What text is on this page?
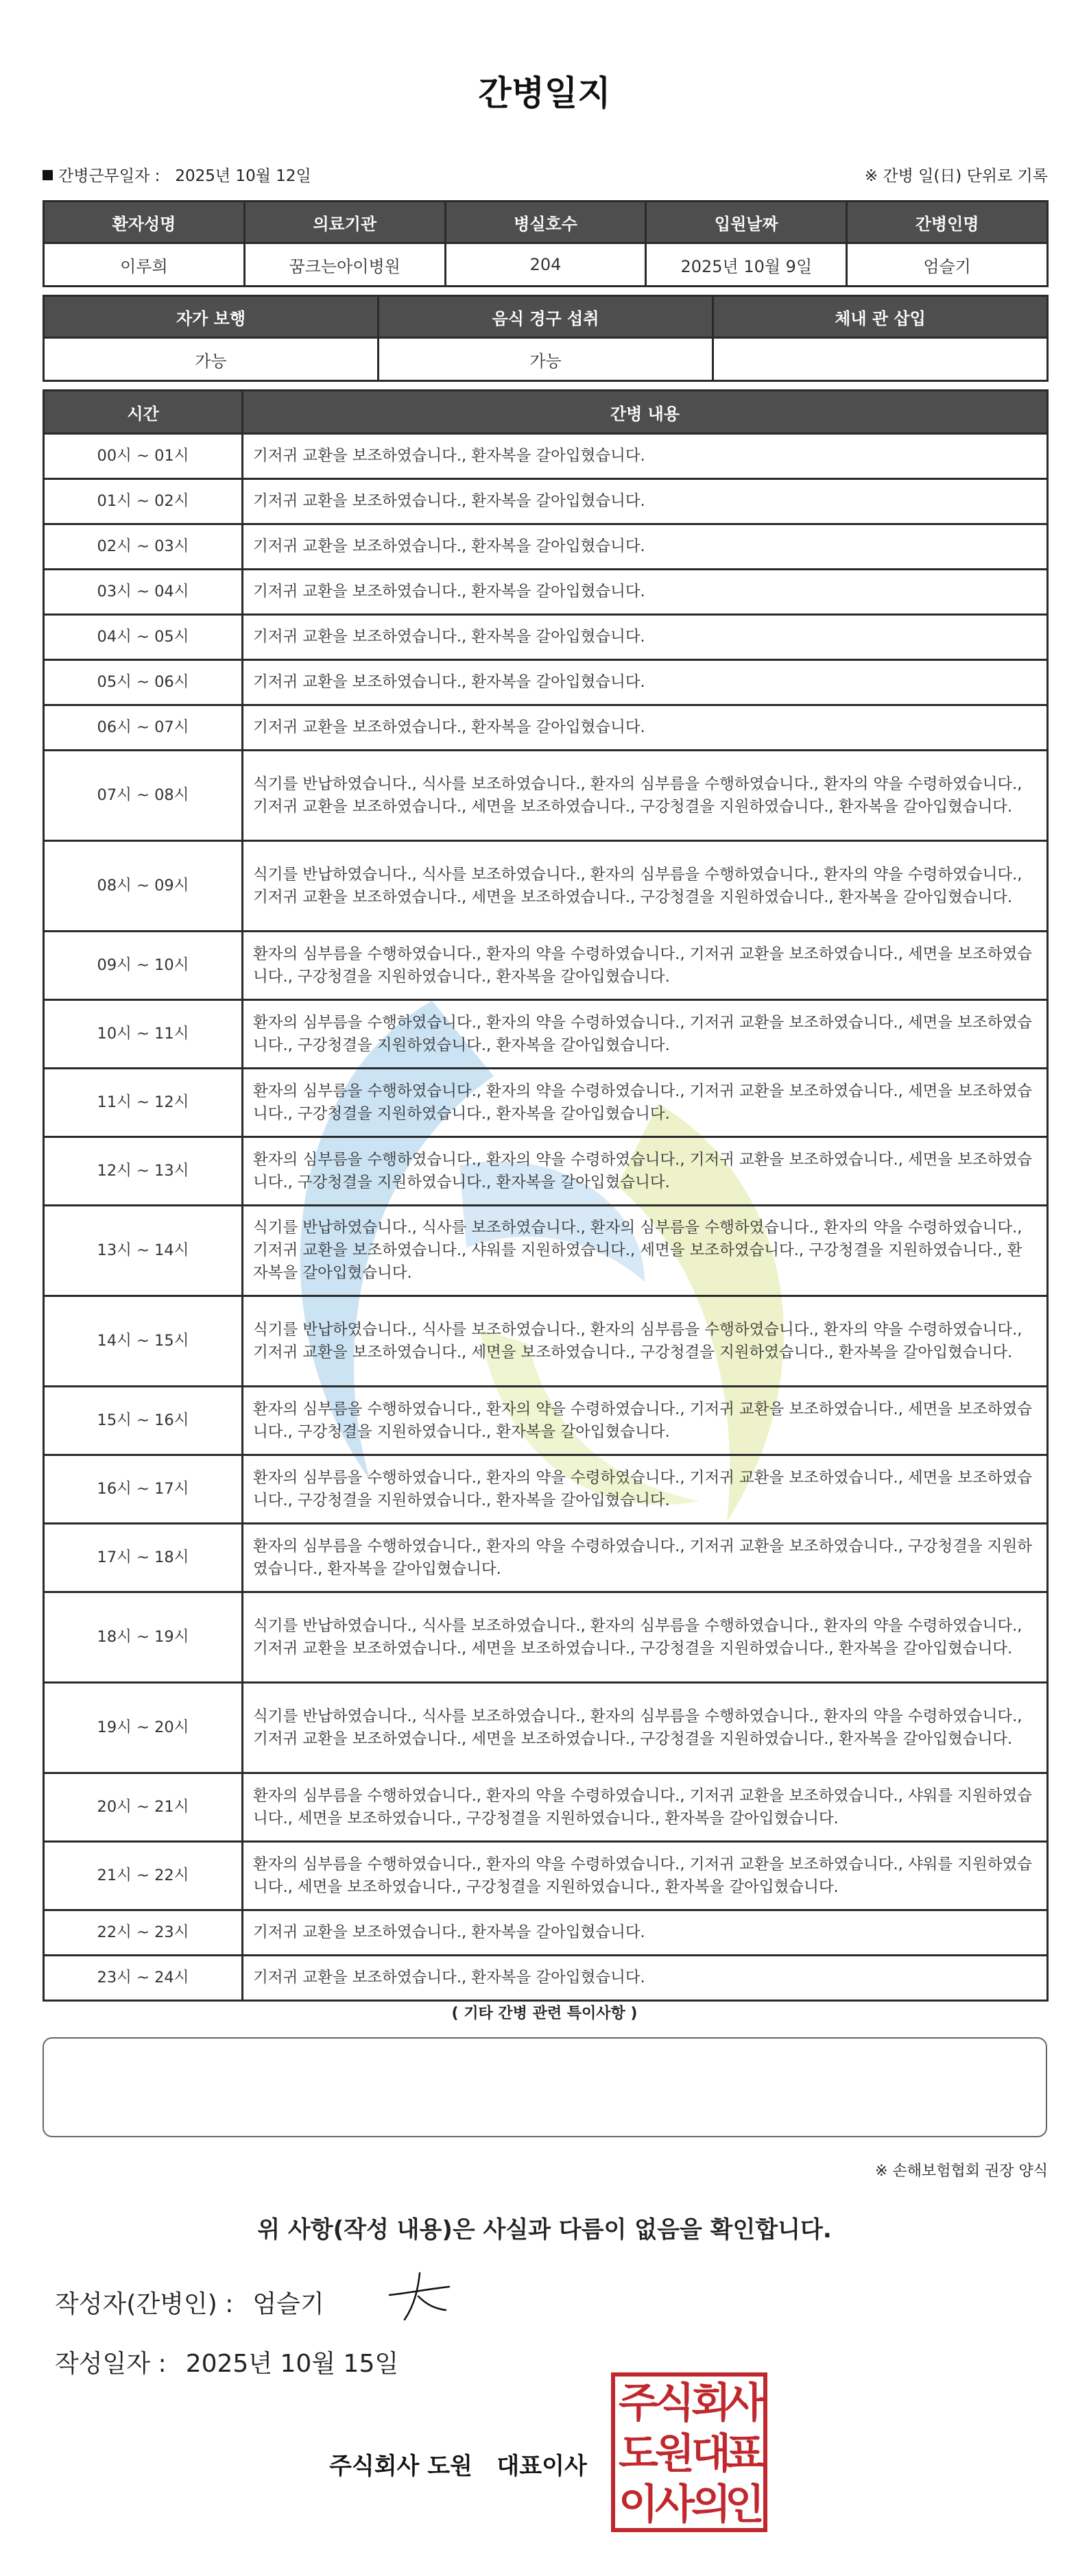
간병일지
간병근무일자 : 2025년 10월 12일	※ 간병 일(日) 단위로 기록
환자성명	의료기관	병실호수	입원날짜	간병인명
이루희	꿈크는아이병원	204	2025년 10월 9일	엄슬기
자가 보행	음식 경구 섭취	체내 관 삽입
가능	가능	
시간	간병 내용
00시 ~ 01시	기저귀 교환을 보조하였습니다., 환자복을 갈아입혔습니다.
01시 ~ 02시	기저귀 교환을 보조하였습니다., 환자복을 갈아입혔습니다.
02시 ~ 03시	기저귀 교환을 보조하였습니다., 환자복을 갈아입혔습니다.
03시 ~ 04시	기저귀 교환을 보조하였습니다., 환자복을 갈아입혔습니다.
04시 ~ 05시	기저귀 교환을 보조하였습니다., 환자복을 갈아입혔습니다.
05시 ~ 06시	기저귀 교환을 보조하였습니다., 환자복을 갈아입혔습니다.
06시 ~ 07시	기저귀 교환을 보조하였습니다., 환자복을 갈아입혔습니다.
07시 ~ 08시	식기를 반납하였습니다., 식사를 보조하였습니다., 환자의 심부름을 수행하였습니다., 환자의 약을 수령하였습니다., 기저귀 교환을 보조하였습니다., 세면을 보조하였습니다., 구강청결을 지원하였습니다., 환자복을 갈아입혔습니다.
08시 ~ 09시	식기를 반납하였습니다., 식사를 보조하였습니다., 환자의 심부름을 수행하였습니다., 환자의 약을 수령하였습니다., 기저귀 교환을 보조하였습니다., 세면을 보조하였습니다., 구강청결을 지원하였습니다., 환자복을 갈아입혔습니다.
09시 ~ 10시	환자의 심부름을 수행하였습니다., 환자의 약을 수령하였습니다., 기저귀 교환을 보조하였습니다., 세면을 보조하였습니다., 구강청결을 지원하였습니다., 환자복을 갈아입혔습니다.
10시 ~ 11시	환자의 심부름을 수행하였습니다., 환자의 약을 수령하였습니다., 기저귀 교환을 보조하였습니다., 세면을 보조하였습니다., 구강청결을 지원하였습니다., 환자복을 갈아입혔습니다.
11시 ~ 12시	환자의 심부름을 수행하였습니다., 환자의 약을 수령하였습니다., 기저귀 교환을 보조하였습니다., 세면을 보조하였습니다., 구강청결을 지원하였습니다., 환자복을 갈아입혔습니다.
12시 ~ 13시	환자의 심부름을 수행하였습니다., 환자의 약을 수령하였습니다., 기저귀 교환을 보조하였습니다., 세면을 보조하였습니다., 구강청결을 지원하였습니다., 환자복을 갈아입혔습니다.
13시 ~ 14시	식기를 반납하였습니다., 식사를 보조하였습니다., 환자의 심부름을 수행하였습니다., 환자의 약을 수령하였습니다., 기저귀 교환을 보조하였습니다., 샤워를 지원하였습니다., 세면을 보조하였습니다., 구강청결을 지원하였습니다., 환자복을 갈아입혔습니다.
14시 ~ 15시	식기를 반납하였습니다., 식사를 보조하였습니다., 환자의 심부름을 수행하였습니다., 환자의 약을 수령하였습니다., 기저귀 교환을 보조하였습니다., 세면을 보조하였습니다., 구강청결을 지원하였습니다., 환자복을 갈아입혔습니다.
15시 ~ 16시	환자의 심부름을 수행하였습니다., 환자의 약을 수령하였습니다., 기저귀 교환을 보조하였습니다., 세면을 보조하였습니다., 구강청결을 지원하였습니다., 환자복을 갈아입혔습니다.
16시 ~ 17시	환자의 심부름을 수행하였습니다., 환자의 약을 수령하였습니다., 기저귀 교환을 보조하였습니다., 세면을 보조하였습니다., 구강청결을 지원하였습니다., 환자복을 갈아입혔습니다.
17시 ~ 18시	환자의 심부름을 수행하였습니다., 환자의 약을 수령하였습니다., 기저귀 교환을 보조하였습니다., 구강청결을 지원하였습니다., 환자복을 갈아입혔습니다.
18시 ~ 19시	식기를 반납하였습니다., 식사를 보조하였습니다., 환자의 심부름을 수행하였습니다., 환자의 약을 수령하였습니다., 기저귀 교환을 보조하였습니다., 세면을 보조하였습니다., 구강청결을 지원하였습니다., 환자복을 갈아입혔습니다.
19시 ~ 20시	식기를 반납하였습니다., 식사를 보조하였습니다., 환자의 심부름을 수행하였습니다., 환자의 약을 수령하였습니다., 기저귀 교환을 보조하였습니다., 세면을 보조하였습니다., 구강청결을 지원하였습니다., 환자복을 갈아입혔습니다.
20시 ~ 21시	환자의 심부름을 수행하였습니다., 환자의 약을 수령하였습니다., 기저귀 교환을 보조하였습니다., 샤워를 지원하였습니다., 세면을 보조하였습니다., 구강청결을 지원하였습니다., 환자복을 갈아입혔습니다.
21시 ~ 22시	환자의 심부름을 수행하였습니다., 환자의 약을 수령하였습니다., 기저귀 교환을 보조하였습니다., 샤워를 지원하였습니다., 세면을 보조하였습니다., 구강청결을 지원하였습니다., 환자복을 갈아입혔습니다.
22시 ~ 23시	기저귀 교환을 보조하였습니다., 환자복을 갈아입혔습니다.
23시 ~ 24시	기저귀 교환을 보조하였습니다., 환자복을 갈아입혔습니다.
( 기타 간병 관련 특이사항 )
※ 손해보험협회 권장 양식
위 사항(작성 내용)은 사실과 다름이 없음을 확인합니다.
작성자(간병인) : 엄슬기
작성일자 : 2025년 10월 15일
주식회사 도원   대표이사
주
식
회
사
도
원
대
표
이
사
의
인
